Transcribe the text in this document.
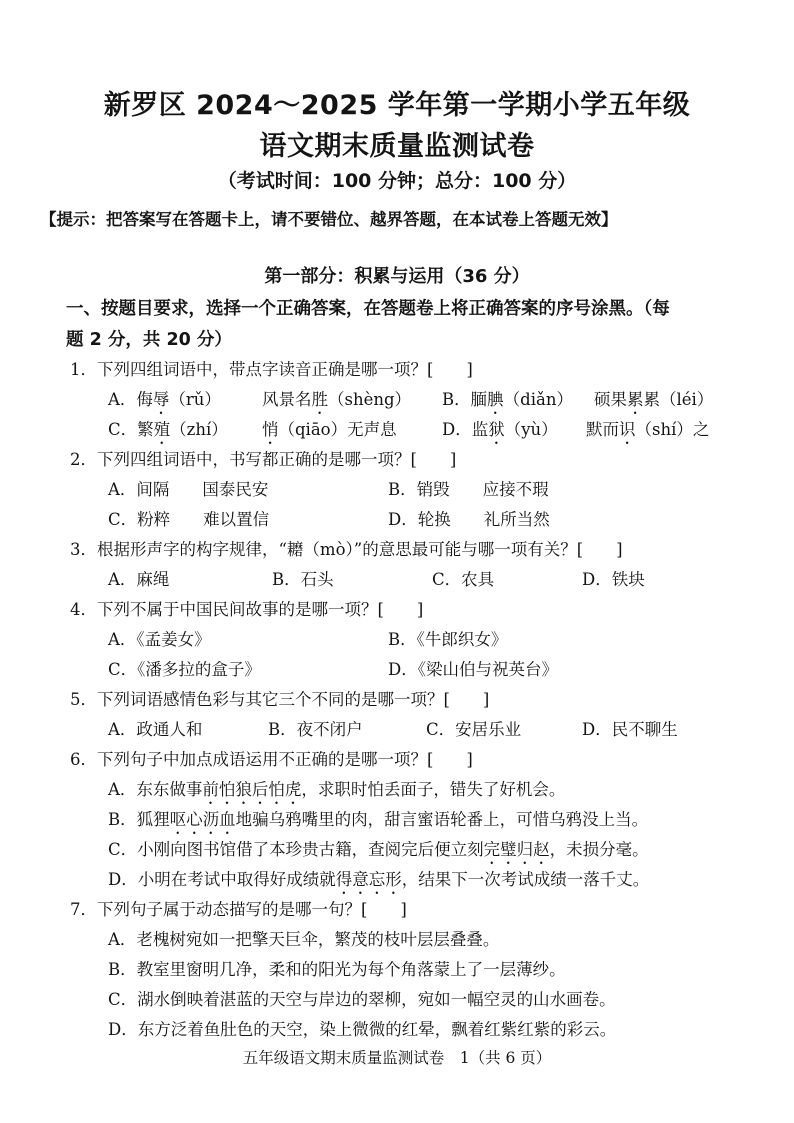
新罗区 2024～2025 学年第一学期小学五年级
语文期末质量监测试卷
（考试时间：100 分钟；总分：100 分）
【提示：把答案写在答题卡上，请不要错位、越界答题，在本试卷上答题无效】
第一部分：积累与运用（36 分）
一、按题目要求，选择一个正确答案，在答题卷上将正确答案的序号涂黑。（每
题 2 分，共 20 分）
1．下列四组词语中，带点字读音正确是哪一项？[　　]
A．侮辱（rǔ） 风景名胜（shèng） B．腼腆（diǎn） 硕果累累（léi）
C．繁殖（zhí） 悄（qiāo）无声息	D．监狱（yù） 默而识（shí）之
2．下列四组词语中，书写都正确的是哪一项？[　　]
A．间隔　　国泰民安	B．销毁　　应接不瑕
C．粉粹　　难以置信	D．轮换　　礼所当然
3．根据形声字的构字规律，“耱（mò）”的意思最可能与哪一项有关？[　　]
A．麻绳	B．石头	C．农具	D．铁块
4．下列不属于中国民间故事的是哪一项？[　　]
A．《孟姜女》	B．《牛郎织女》
C．《潘多拉的盒子》	D．《梁山伯与祝英台》
5．下列词语感情色彩与其它三个不同的是哪一项？[　　]
A．政通人和	B．夜不闭户	C．安居乐业	D．民不聊生
6．下列句子中加点成语运用不正确的是哪一项？[　　]
A．东东做事前怕狼后怕虎，求职时怕丢面子，错失了好机会。
B．狐狸呕心沥血地骗乌鸦嘴里的肉，甜言蜜语轮番上，可惜乌鸦没上当。
C．小刚向图书馆借了本珍贵古籍，查阅完后便立刻完璧归赵，未损分毫。
D．小明在考试中取得好成绩就得意忘形，结果下一次考试成绩一落千丈。
7．下列句子属于动态描写的是哪一句？[　　]
A．老槐树宛如一把擎天巨伞，繁茂的枝叶层层叠叠。
B．教室里窗明几净，柔和的阳光为每个角落蒙上了一层薄纱。
C．湖水倒映着湛蓝的天空与岸边的翠柳，宛如一幅空灵的山水画卷。
D．东方泛着鱼肚色的天空，染上微微的红晕，飘着红紫红紫的彩云。
五年级语文期末质量监测试卷　1（共 6 页）
